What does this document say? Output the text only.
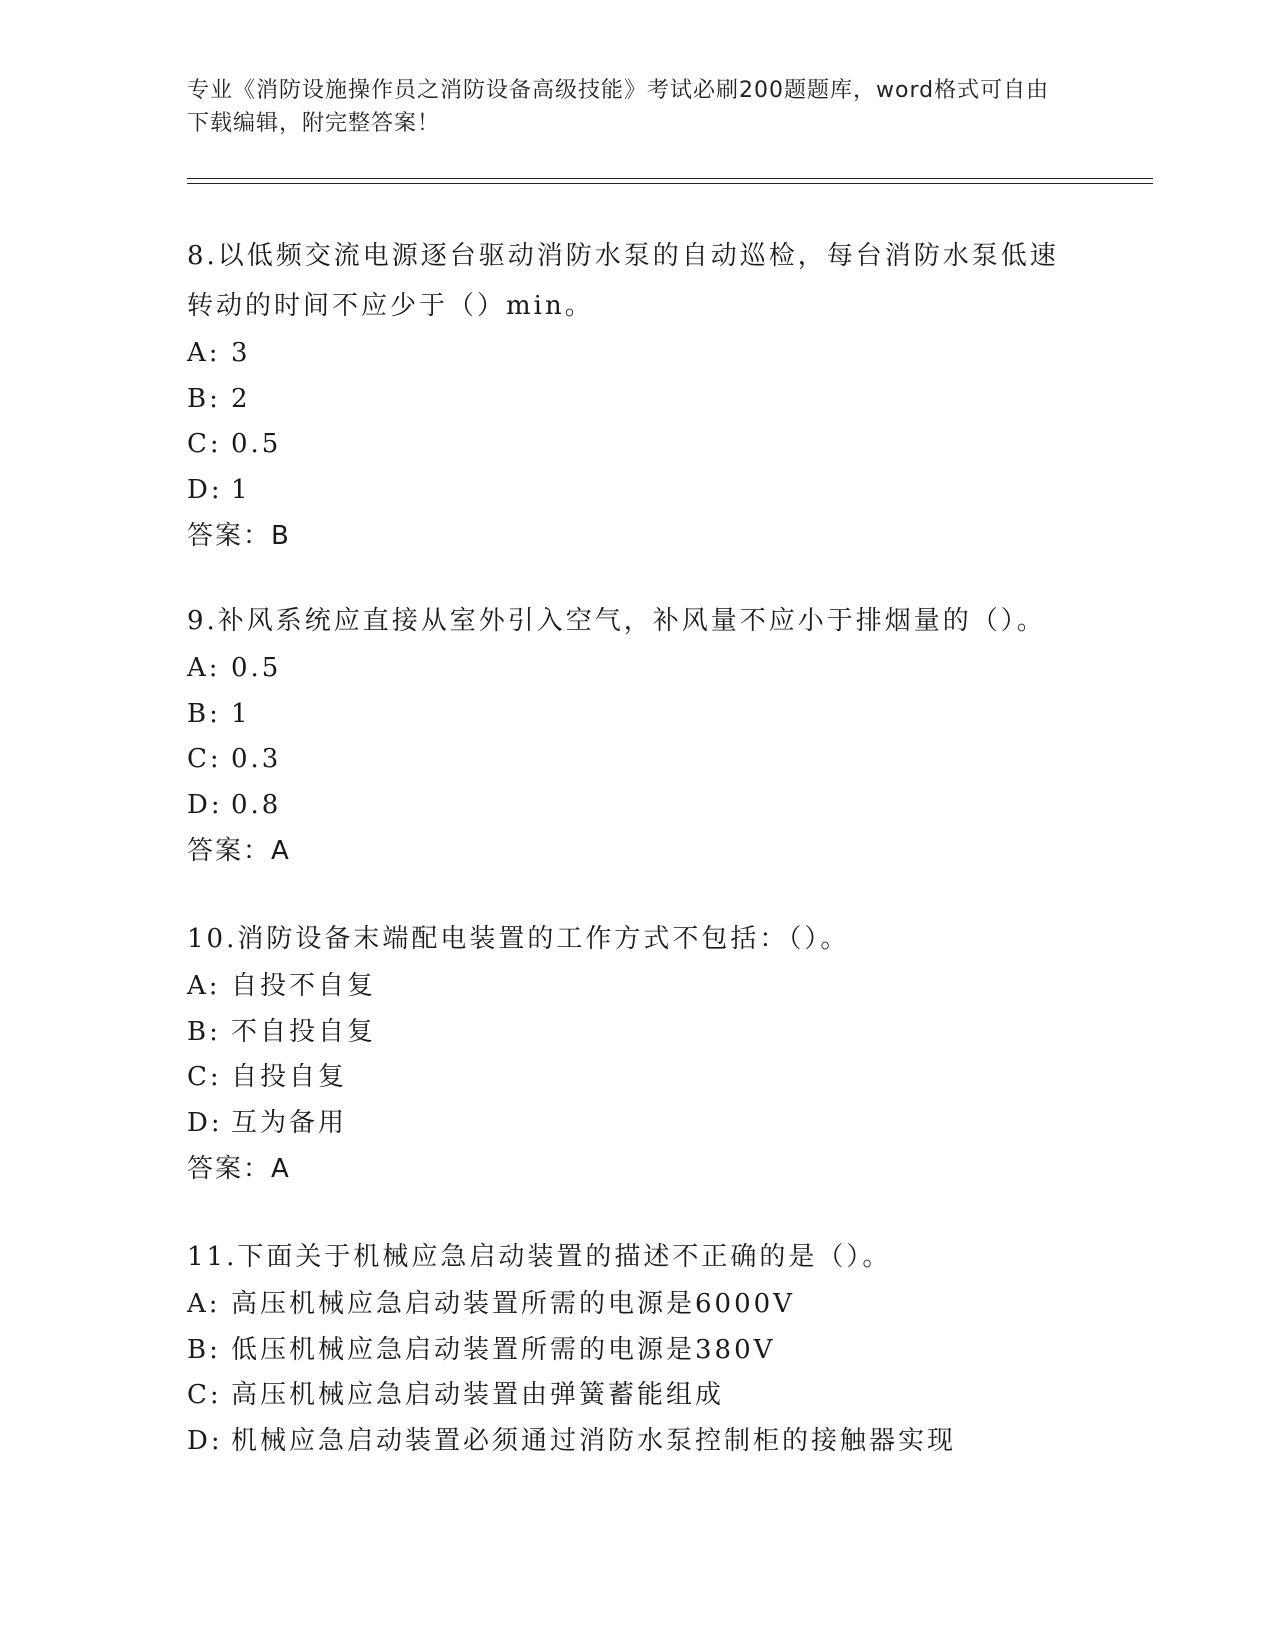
专业《消防设施操作员之消防设备高级技能》考试必刷200题题库，word格式可自由下载编辑，附完整答案！

8.以低频交流电源逐台驱动消防水泵的自动巡检，每台消防水泵低速转动的时间不应少于（）min。

A: 3

B: 2

C: 0.5

D: 1

答案：B

9.补风系统应直接从室外引入空气，补风量不应小于排烟量的（）。

A: 0.5

B: 1

C: 0.3

D: 0.8

答案：A

10.消防设备末端配电装置的工作方式不包括：（）。

A: 自投不自复

B: 不自投自复

C: 自投自复

D: 互为备用

答案：A

11.下面关于机械应急启动装置的描述不正确的是（）。

A: 高压机械应急启动装置所需的电源是6000V

B: 低压机械应急启动装置所需的电源是380V

C: 高压机械应急启动装置由弹簧蓄能组成

D: 机械应急启动装置必须通过消防水泵控制柜的接触器实现
